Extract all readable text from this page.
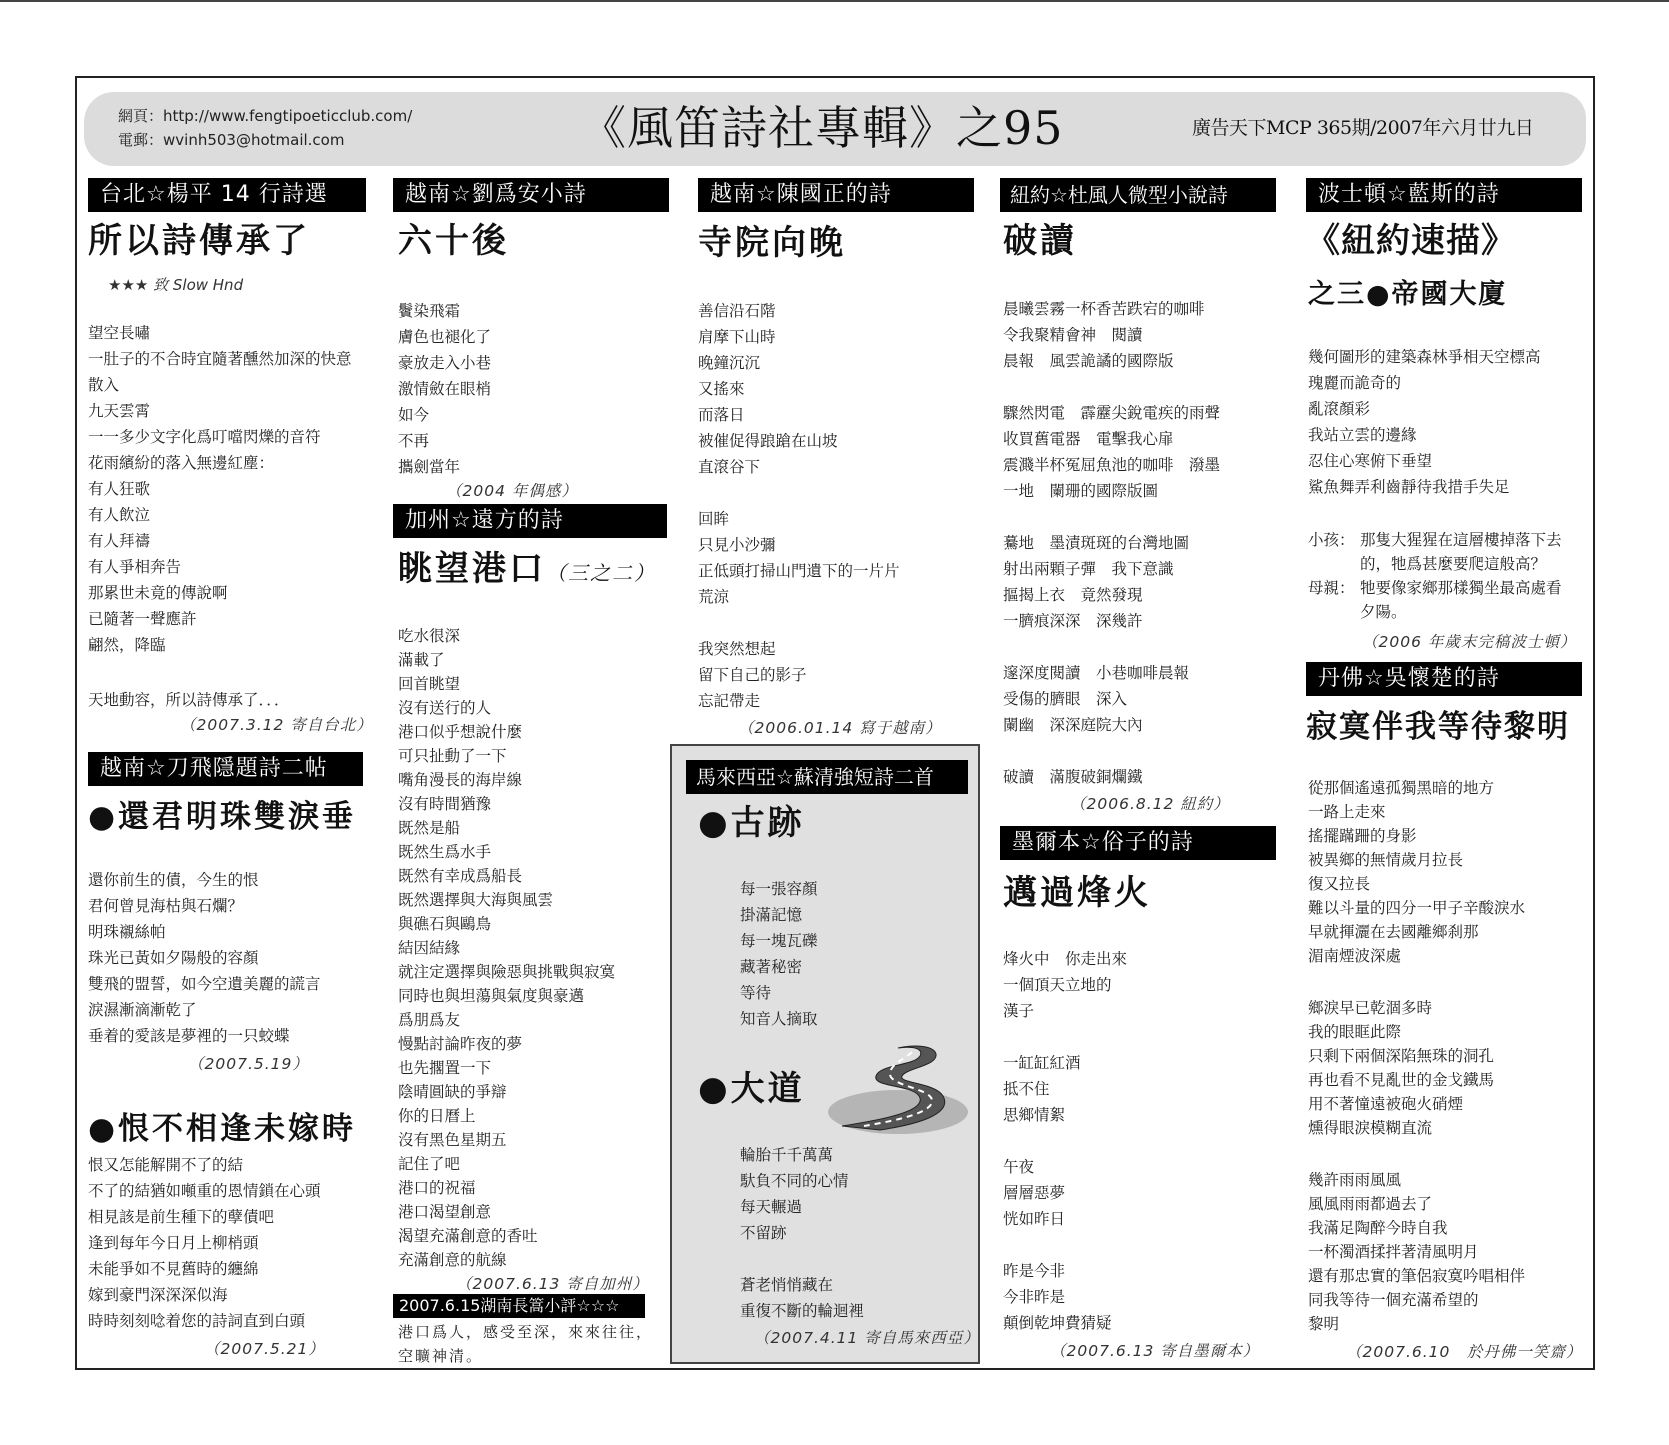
網頁：http://www.fengtipoeticclub.com/
電郵：wvinh503@hotmail.com	《風笛詩社專輯》之95	廣告天下MCP 365期/2007年六月廿九日
台北☆楊平 14 行詩選
所以詩傳承了
★★★ 致 Slow Hnd
望空長嘯
一肚子的不合時宜隨著醺然加深的快意
散入
九天雲霄
一一多少文字化爲叮噹閃爍的音符
花雨繽紛的落入無邊紅塵：
有人狂歌
有人飲泣
有人拜禱
有人爭相奔告
那累世未竟的傳說啊
已隨著一聲應許
翩然，降臨
天地動容，所以詩傳承了．．．
（2007.3.12 寄自台北）
越南☆刀飛隱題詩二帖
●還君明珠雙淚垂
還你前生的債，今生的恨
君何曾見海枯與石爛？
明珠襯絲帕
珠光已黃如夕陽般的容顏
雙飛的盟誓，如今空遺美麗的謊言
淚濕漸滴漸乾了
垂着的愛該是夢裡的一只蛟蝶
（2007.5.19）
●恨不相逢未嫁時
恨又怎能解開不了的結
不了的結猶如噸重的恩情鎖在心頭
相見該是前生種下的孽債吧
逢到每年今日月上柳梢頭
未能爭如不見舊時的纏綿
嫁到豪門深深深似海
時時刻刻唸着您的詩詞直到白頭
（2007.5.21）
越南☆劉爲安小詩
六十後
鬢染飛霜
膚色也褪化了
豪放走入小巷
激情斂在眼梢
如今
不再
攜劍當年
（2004 年偶感）
加州☆遠方的詩
眺望港口（三之二）
吃水很深
滿載了
回首眺望
沒有送行的人
港口似乎想說什麼
可只扯動了一下
嘴角漫長的海岸線
沒有時間猶豫
既然是船
既然生爲水手
既然有幸成爲船長
既然選擇與大海與風雲
與礁石與鷗鳥
結因結緣
就注定選擇與險惡與挑戰與寂寞
同時也與坦蕩與氣度與豪邁
爲朋爲友
慢點討論昨夜的夢
也先擱置一下
陰晴圓缺的爭辯
你的日曆上
沒有黑色星期五
記住了吧
港口的祝福
港口渴望創意
渴望充滿創意的香吐
充滿創意的航線
（2007.6.13 寄自加州）
2007.6.15湖南長篙小評☆☆☆
港口爲人，感受至深，來來往往，空曠神清。
越南☆陳國正的詩
寺院向晚
善信沿石階
肩摩下山時
晚鐘沉沉
又搖來
而落日
被催促得踉蹌在山坡
直滾谷下
回眸
只見小沙彌
正低頭打掃山門遺下的一片片
荒涼
我突然想起
留下自己的影子
忘記帶走
（2006.01.14 寫于越南）
馬來西亞☆蘇清強短詩二首
●古跡
每一張容顏
掛滿記憶
每一塊瓦礫
藏著秘密
等待
知音人摘取
●大道
輪胎千千萬萬
馱負不同的心情
每天輾過
不留跡
蒼老悄悄藏在
重復不斷的輪迴裡
（2007.4.11 寄自馬來西亞）
紐約☆杜風人微型小說詩
破讀
晨曦雲霧一杯香苦跌宕的咖啡
令我聚精會神　閱讀
晨報　風雲詭譎的國際版
驟然閃電　霹靂尖銳電疾的雨聲
收買舊電器　電擊我心扉
震濺半杯冤屈魚池的咖啡　潑墨
一地　闌珊的國際版圖
驀地　墨漬斑斑的台灣地圖
射出兩顆子彈　我下意識
摳揭上衣　竟然發現
一臍痕深深　深幾許
邃深度閱讀　小巷咖啡晨報
受傷的臍眼　深入
闌幽　深深庭院大內
破讀　滿腹破銅爛鐵
（2006.8.12 紐約）
墨爾本☆俗子的詩
邁過烽火
烽火中　你走出來
一個頂天立地的
漢子
一缸缸紅酒
抵不住
思鄉情絮
午夜
層層惡夢
恍如昨日
昨是今非
今非昨是
顛倒乾坤費猜疑
（2007.6.13 寄自墨爾本）
波士頓☆藍斯的詩
《紐約速描》
之三●帝國大廈
幾何圖形的建築森林爭相天空標高
瑰麗而詭奇的
亂滾顏彩
我站立雲的邊緣
忍住心寒俯下垂望
鯊魚舞弄利齒靜待我措手失足
小孩： 那隻大猩猩在這層樓掉落下去
的，牠爲甚麼要爬這般高？
母親： 牠要像家鄉那樣獨坐最高處看
夕陽。
（2006 年歲末完稿波士頓）
丹佛☆吳懷楚的詩
寂寞伴我等待黎明
從那個遙遠孤獨黑暗的地方
一路上走來
搖擺蹣跚的身影
被異鄉的無情歲月拉長
復又拉長
難以斗量的四分一甲子辛酸淚水
早就揮灑在去國離鄉刹那
湄南煙波深處
鄉淚早已乾涸多時
我的眼眶此際
只剩下兩個深陷無珠的洞孔
再也看不見亂世的金戈鐵馬
用不著憧遠被砲火硝煙
燻得眼淚模糊直流
幾許雨雨風風
風風雨雨都過去了
我滿足陶醉今時自我
一杯濁酒揉拌著清風明月
還有那忠實的筆侶寂寞吟唱相伴
同我等待一個充滿希望的
黎明
（2007.6.10　於丹佛一笑齋）
